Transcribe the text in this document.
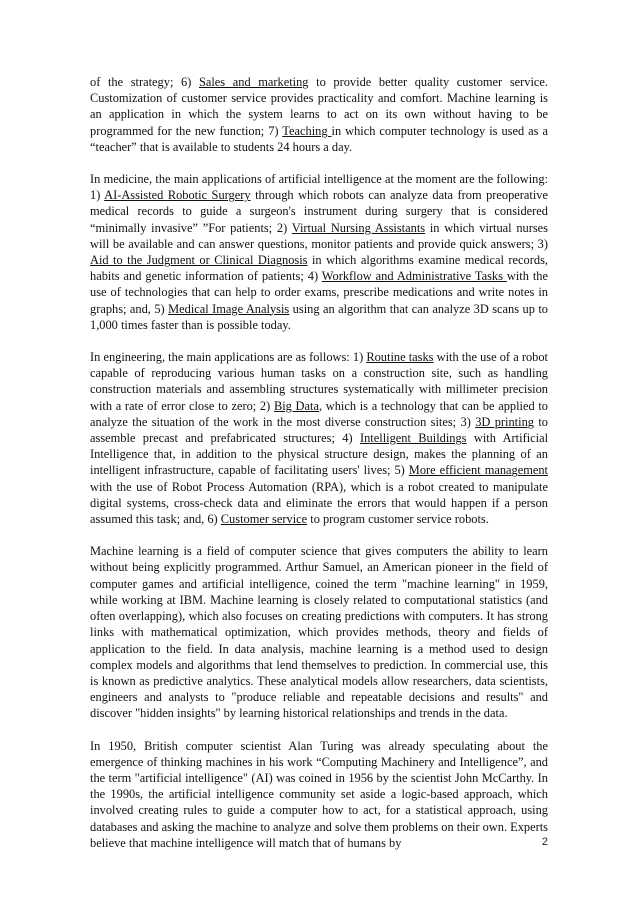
of the strategy; 6) Sales and marketing to provide better quality customer service. Customization of customer service provides practicality and comfort. Machine learning is an application in which the system learns to act on its own without having to be programmed for the new function; 7) Teaching in which computer technology is used as a “teacher” that is available to students 24 hours a day.

In medicine, the main applications of artificial intelligence at the moment are the following: 1) AI-Assisted Robotic Surgery through which robots can analyze data from preoperative medical records to guide a surgeon's instrument during surgery that is considered “minimally invasive” ”For patients; 2) Virtual Nursing Assistants in which virtual nurses will be available and can answer questions, monitor patients and provide quick answers; 3) Aid to the Judgment or Clinical Diagnosis in which algorithms examine medical records, habits and genetic information of patients; 4) Workflow and Administrative Tasks with the use of technologies that can help to order exams, prescribe medications and write notes in graphs; and, 5) Medical Image Analysis using an algorithm that can analyze 3D scans up to 1,000 times faster than is possible today.

In engineering, the main applications are as follows: 1) Routine tasks with the use of a robot capable of reproducing various human tasks on a construction site, such as handling construction materials and assembling structures systematically with millimeter precision with a rate of error close to zero; 2) Big Data, which is a technology that can be applied to analyze the situation of the work in the most diverse construction sites; 3) 3D printing to assemble precast and prefabricated structures; 4) Intelligent Buildings with Artificial Intelligence that, in addition to the physical structure design, makes the planning of an intelligent infrastructure, capable of facilitating users' lives; 5) More efficient management with the use of Robot Process Automation (RPA), which is a robot created to manipulate digital systems, cross-check data and eliminate the errors that would happen if a person assumed this task; and, 6) Customer service to program customer service robots.

Machine learning is a field of computer science that gives computers the ability to learn without being explicitly programmed. Arthur Samuel, an American pioneer in the field of computer games and artificial intelligence, coined the term "machine learning" in 1959, while working at IBM. Machine learning is closely related to computational statistics (and often overlapping), which also focuses on creating predictions with computers. It has strong links with mathematical optimization, which provides methods, theory and fields of application to the field. In data analysis, machine learning is a method used to design complex models and algorithms that lend themselves to prediction. In commercial use, this is known as predictive analytics. These analytical models allow researchers, data scientists, engineers and analysts to "produce reliable and repeatable decisions and results" and discover "hidden insights" by learning historical relationships and trends in the data.

In 1950, British computer scientist Alan Turing was already speculating about the emergence of thinking machines in his work “Computing Machinery and Intelligence”, and the term "artificial intelligence" (AI) was coined in 1956 by the scientist John McCarthy. In the 1990s, the artificial intelligence community set aside a logic-based approach, which involved creating rules to guide a computer how to act, for a statistical approach, using databases and asking the machine to analyze and solve them problems on their own. Experts believe that machine intelligence will match that of humans by	2
